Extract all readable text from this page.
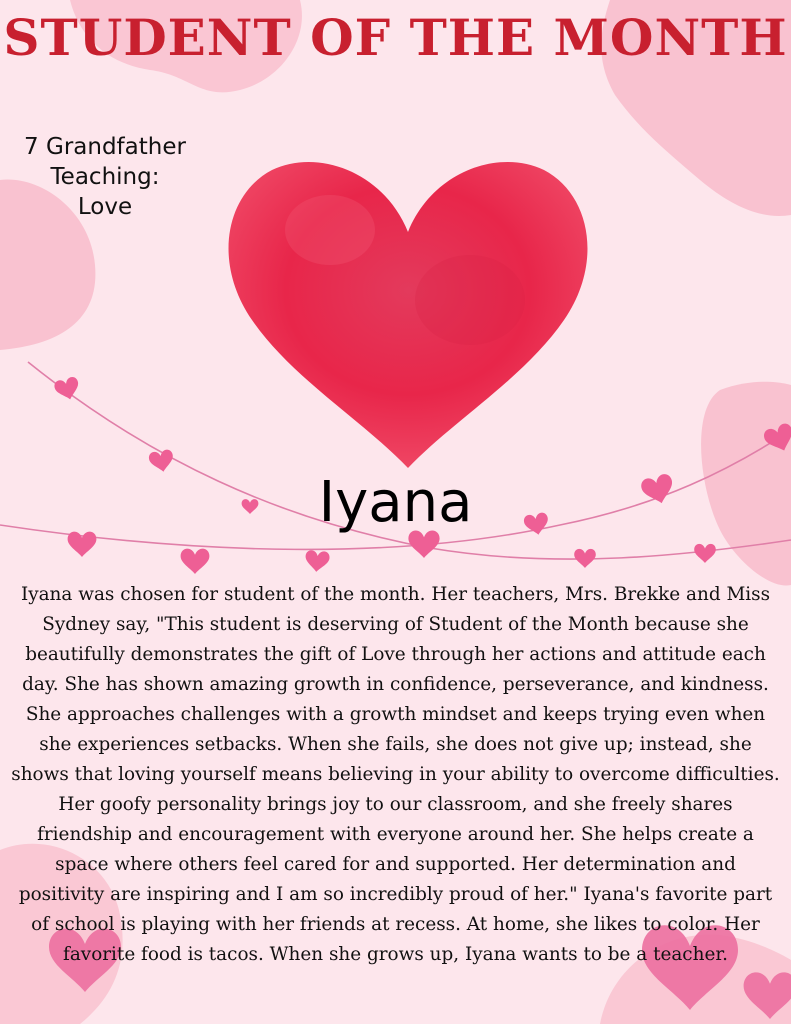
STUDENT OF THE MONTH
7 Grandfather
Teaching:
Love
Iyana

Iyana was chosen for student of the month. Her teachers, Mrs. Brekke and Miss Sydney say, "This student is deserving of Student of the Month because she beautifully demonstrates the gift of Love through her actions and attitude each day. She has shown amazing growth in confidence, perseverance, and kindness. She approaches challenges with a growth mindset and keeps trying even when she experiences setbacks. When she fails, she does not give up; instead, she shows that loving yourself means believing in your ability to overcome difficulties. Her goofy personality brings joy to our classroom, and she freely shares friendship and encouragement with everyone around her. She helps create a space where others feel cared for and supported. Her determination and positivity are inspiring and I am so incredibly proud of her." Iyana's favorite part of school is playing with her friends at recess. At home, she likes to color. Her favorite food is tacos. When she grows up, Iyana wants to be a teacher.
